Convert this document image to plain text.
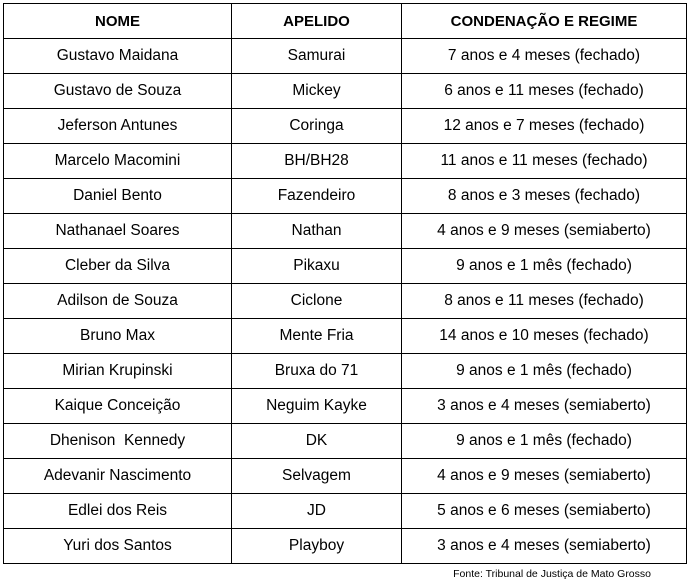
NOME	APELIDO	CONDENAÇÃO E REGIME
Gustavo Maidana	Samurai	7 anos e 4 meses (fechado)
Gustavo de Souza	Mickey	6 anos e 11 meses (fechado)
Jeferson Antunes	Coringa	12 anos e 7 meses (fechado)
Marcelo Macomini	BH/BH28	11 anos e 11 meses (fechado)
Daniel Bento	Fazendeiro	8 anos e 3 meses (fechado)
Nathanael Soares	Nathan	4 anos e 9 meses (semiaberto)
Cleber da Silva	Pikaxu	9 anos e 1 mês (fechado)
Adilson de Souza	Ciclone	8 anos e 11 meses (fechado)
Bruno Max	Mente Fria	14 anos e 10 meses (fechado)
Mirian Krupinski	Bruxa do 71	9 anos e 1 mês (fechado)
Kaique Conceição	Neguim Kayke	3 anos e 4 meses (semiaberto)
Dhenison  Kennedy	DK	9 anos e 1 mês (fechado)
Adevanir Nascimento	Selvagem	4 anos e 9 meses (semiaberto)
Edlei dos Reis	JD	5 anos e 6 meses (semiaberto)
Yuri dos Santos	Playboy	3 anos e 4 meses (semiaberto)
Fonte: Tribunal de Justiça de Mato Grosso
